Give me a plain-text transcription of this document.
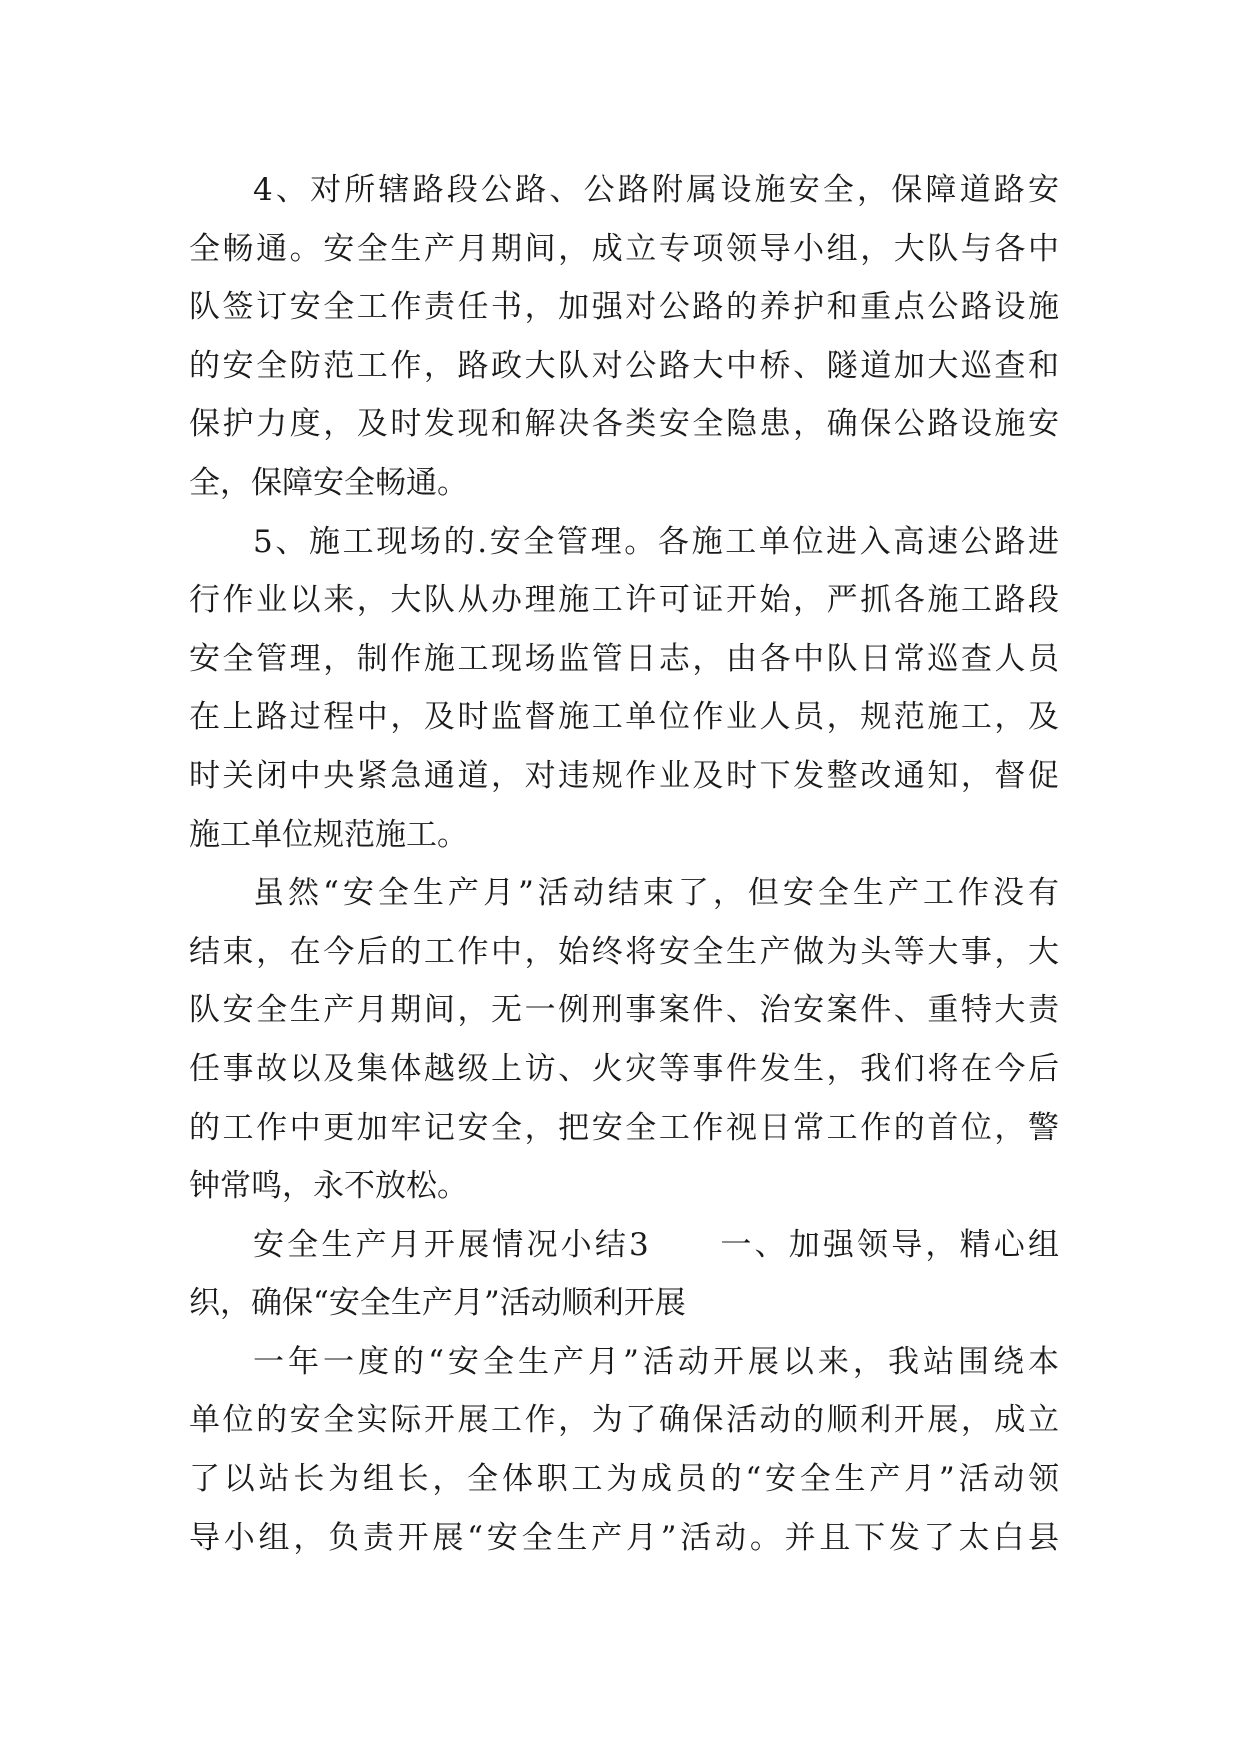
4、对所辖路段公路、公路附属设施安全，保障道路安
全畅通。安全生产月期间，成立专项领导小组，大队与各中
队签订安全工作责任书，加强对公路的养护和重点公路设施
的安全防范工作，路政大队对公路大中桥、隧道加大巡查和
保护力度，及时发现和解决各类安全隐患，确保公路设施安
全，保障安全畅通。
5、施工现场的.安全管理。各施工单位进入高速公路进
行作业以来，大队从办理施工许可证开始，严抓各施工路段
安全管理，制作施工现场监管日志，由各中队日常巡查人员
在上路过程中，及时监督施工单位作业人员，规范施工，及
时关闭中央紧急通道，对违规作业及时下发整改通知，督促
施工单位规范施工。
虽然“安全生产月”活动结束了，但安全生产工作没有
结束，在今后的工作中，始终将安全生产做为头等大事，大
队安全生产月期间，无一例刑事案件、治安案件、重特大责
任事故以及集体越级上访、火灾等事件发生，我们将在今后
的工作中更加牢记安全，把安全工作视日常工作的首位，警
钟常鸣，永不放松。
安全生产月开展情况小结3　　一、加强领导，精心组
织，确保“安全生产月”活动顺利开展
一年一度的“安全生产月”活动开展以来，我站围绕本
单位的安全实际开展工作，为了确保活动的顺利开展，成立
了以站长为组长，全体职工为成员的“安全生产月”活动领
导小组，负责开展“安全生产月”活动。并且下发了太白县
